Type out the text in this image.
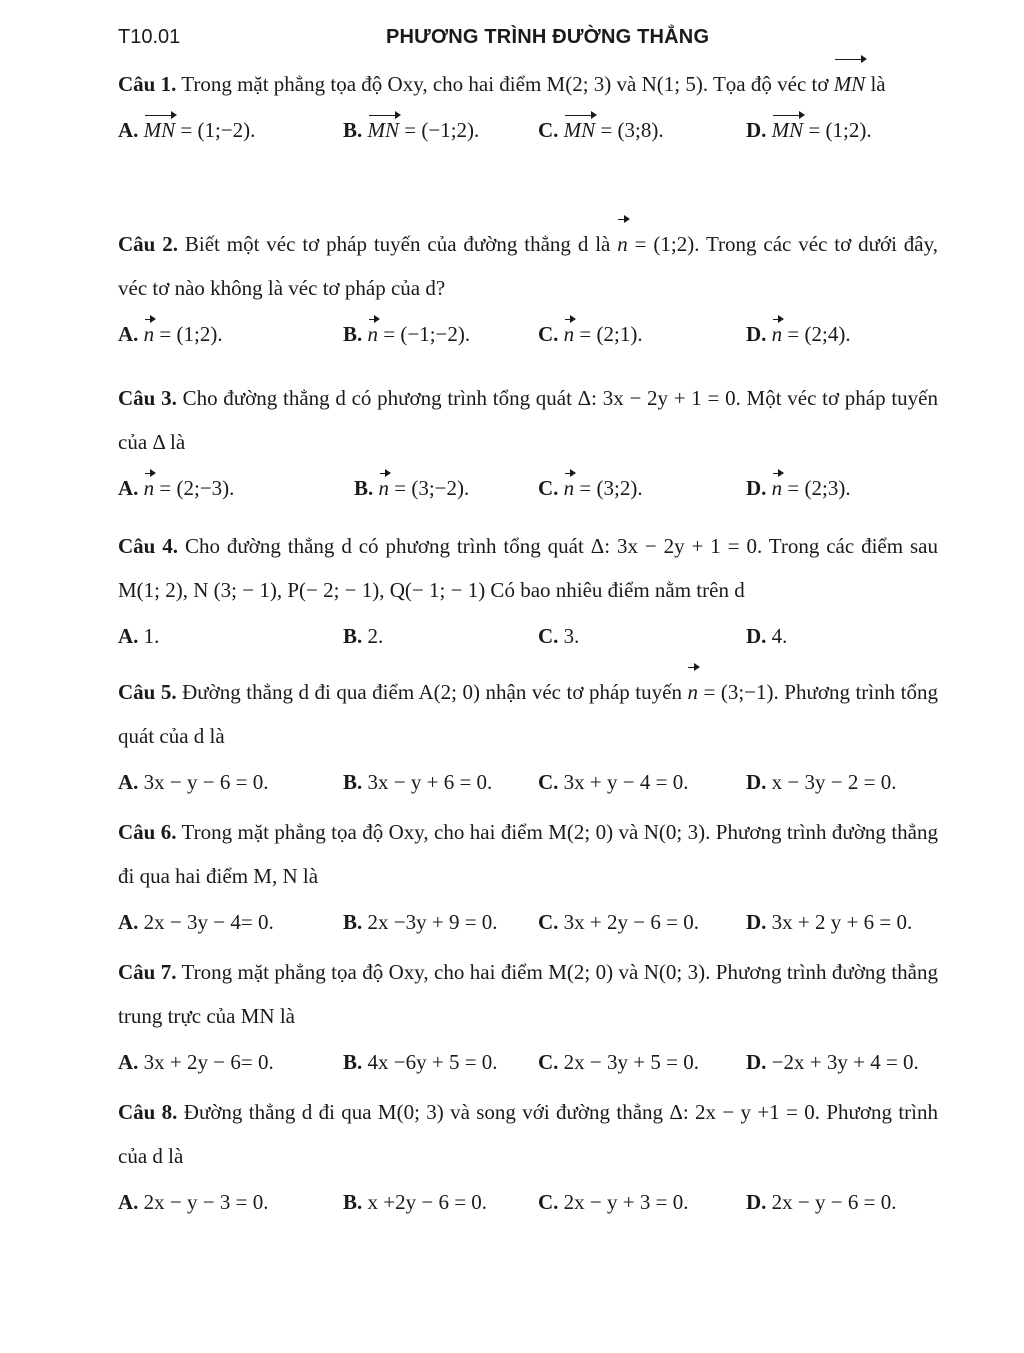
T10.01	PHƯƠNG TRÌNH ĐƯỜNG THẲNG
Câu 1. Trong mặt phẳng tọa độ Oxy, cho hai điểm M(2; 3) và N(1; 5). Tọa độ véc tơ MN là
A. MN = (1;−2).	B. MN = (−1;2).	C. MN = (3;8).	D. MN = (1;2).
Câu 2. Biết một véc tơ pháp tuyến của đường thẳng d là n = (1;2). Trong các véc tơ dưới đây, véc tơ nào không là véc tơ pháp của d?
A. n = (1;2).	B. n = (−1;−2).	C. n = (2;1).	D. n = (2;4).
Câu 3. Cho đường thẳng d có phương trình tổng quát Δ: 3x − 2y + 1 = 0. Một véc tơ pháp tuyến của Δ là
A. n = (2;−3).	B. n = (3;−2).	C. n = (3;2).	D. n = (2;3).
Câu 4. Cho đường thẳng d có phương trình tổng quát Δ: 3x − 2y + 1 = 0. Trong các điểm sau M(1; 2), N (3; − 1), P(− 2; − 1), Q(− 1; − 1) Có bao nhiêu điểm nằm trên d
A. 1.	B. 2.	C. 3.	D. 4.
Câu 5. Đường thẳng d đi qua điểm A(2; 0) nhận véc tơ pháp tuyến n = (3;−1). Phương trình tổng quát của d là
A. 3x − y − 6 = 0.	B. 3x − y + 6 = 0. C. 3x + y − 4 = 0.	D. x − 3y − 2 = 0.
Câu 6. Trong mặt phẳng tọa độ Oxy, cho hai điểm M(2; 0) và N(0; 3). Phương trình đường thẳng đi qua hai điểm M, N là
A. 2x − 3y − 4= 0.	B. 2x −3y + 9 = 0. C. 3x + 2y − 6 = 0. D. 3x + 2 y + 6 = 0.
Câu 7. Trong mặt phẳng tọa độ Oxy, cho hai điểm M(2; 0) và N(0; 3). Phương trình đường thẳng trung trực của MN là
A. 3x + 2y − 6= 0.	B. 4x −6y + 5 = 0. C. 2x − 3y + 5 = 0. D. −2x + 3y + 4 = 0.
Câu 8. Đường thẳng d đi qua M(0; 3) và song với đường thẳng Δ: 2x − y +1 = 0. Phương trình của d là
A. 2x − y − 3 = 0.	B. x +2y − 6 = 0. C. 2x − y + 3 = 0.	D. 2x − y − 6 = 0.
